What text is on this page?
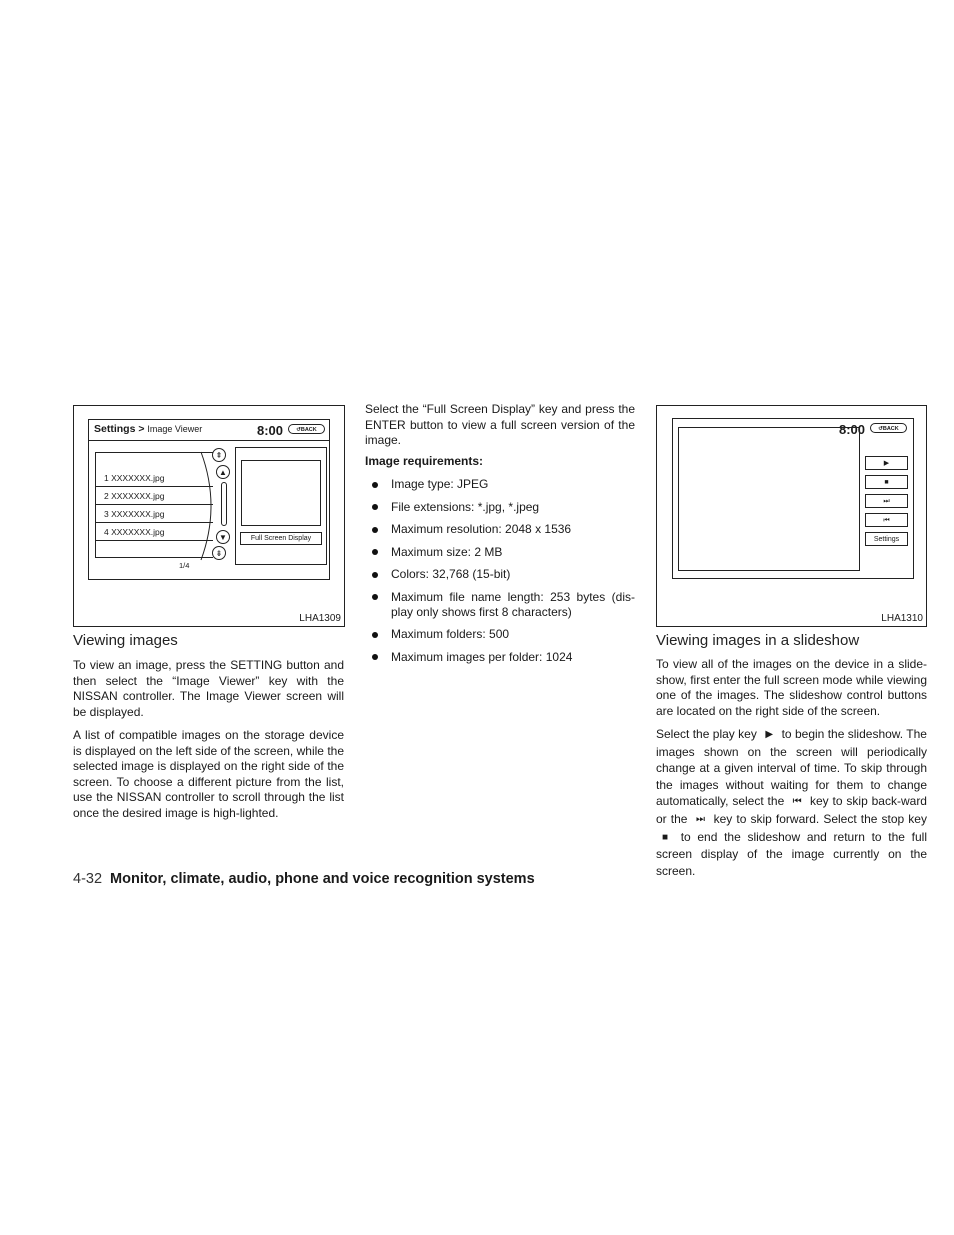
Settings > Image Viewer	8:00	↺BACK
1 XXXXXXX.jpg
2 XXXXXXX.jpg
3 XXXXXXX.jpg
4 XXXXXXX.jpg
1/4
⇞
▲
▼
⇟
Full Screen Display
LHA1309
8:00	↺BACK
▶
■
⏭
⏮
Settings
LHA1310
Viewing images

To view an image, press the SETTING button and then select the “Image Viewer” key with the NISSAN controller. The Image Viewer screen will be displayed.

A list of compatible images on the storage device is displayed on the left side of the screen, while the selected image is displayed on the right side of the screen. To choose a different picture from the list, use the NISSAN controller to scroll through the list once the desired image is high-lighted.

Select the “Full Screen Display” key and press the ENTER button to view a full screen version of the image.

Image requirements:
Image type: JPEG
File extensions: *.jpg, *.jpeg
Maximum resolution: 2048 x 1536
Maximum size: 2 MB
Colors: 32,768 (15-bit)
Maximum file name length: 253 bytes (dis-play only shows first 8 characters)
Maximum folders: 500
Maximum images per folder: 1024
Viewing images in a slideshow

To view all of the images on the device in a slide-show, first enter the full screen mode while viewing one of the images. The slideshow control buttons are located on the right side of the screen.

Select the play key ▶ to begin the slideshow. The images shown on the screen will periodically change at a given interval of time. To skip through the images without waiting for them to change automatically, select the ⏮ key to skip back-ward or the ⏭ key to skip forward. Select the stop key ■ to end the slideshow and return to the full screen display of the image currently on the screen.

4-32 Monitor, climate, audio, phone and voice recognition systems
